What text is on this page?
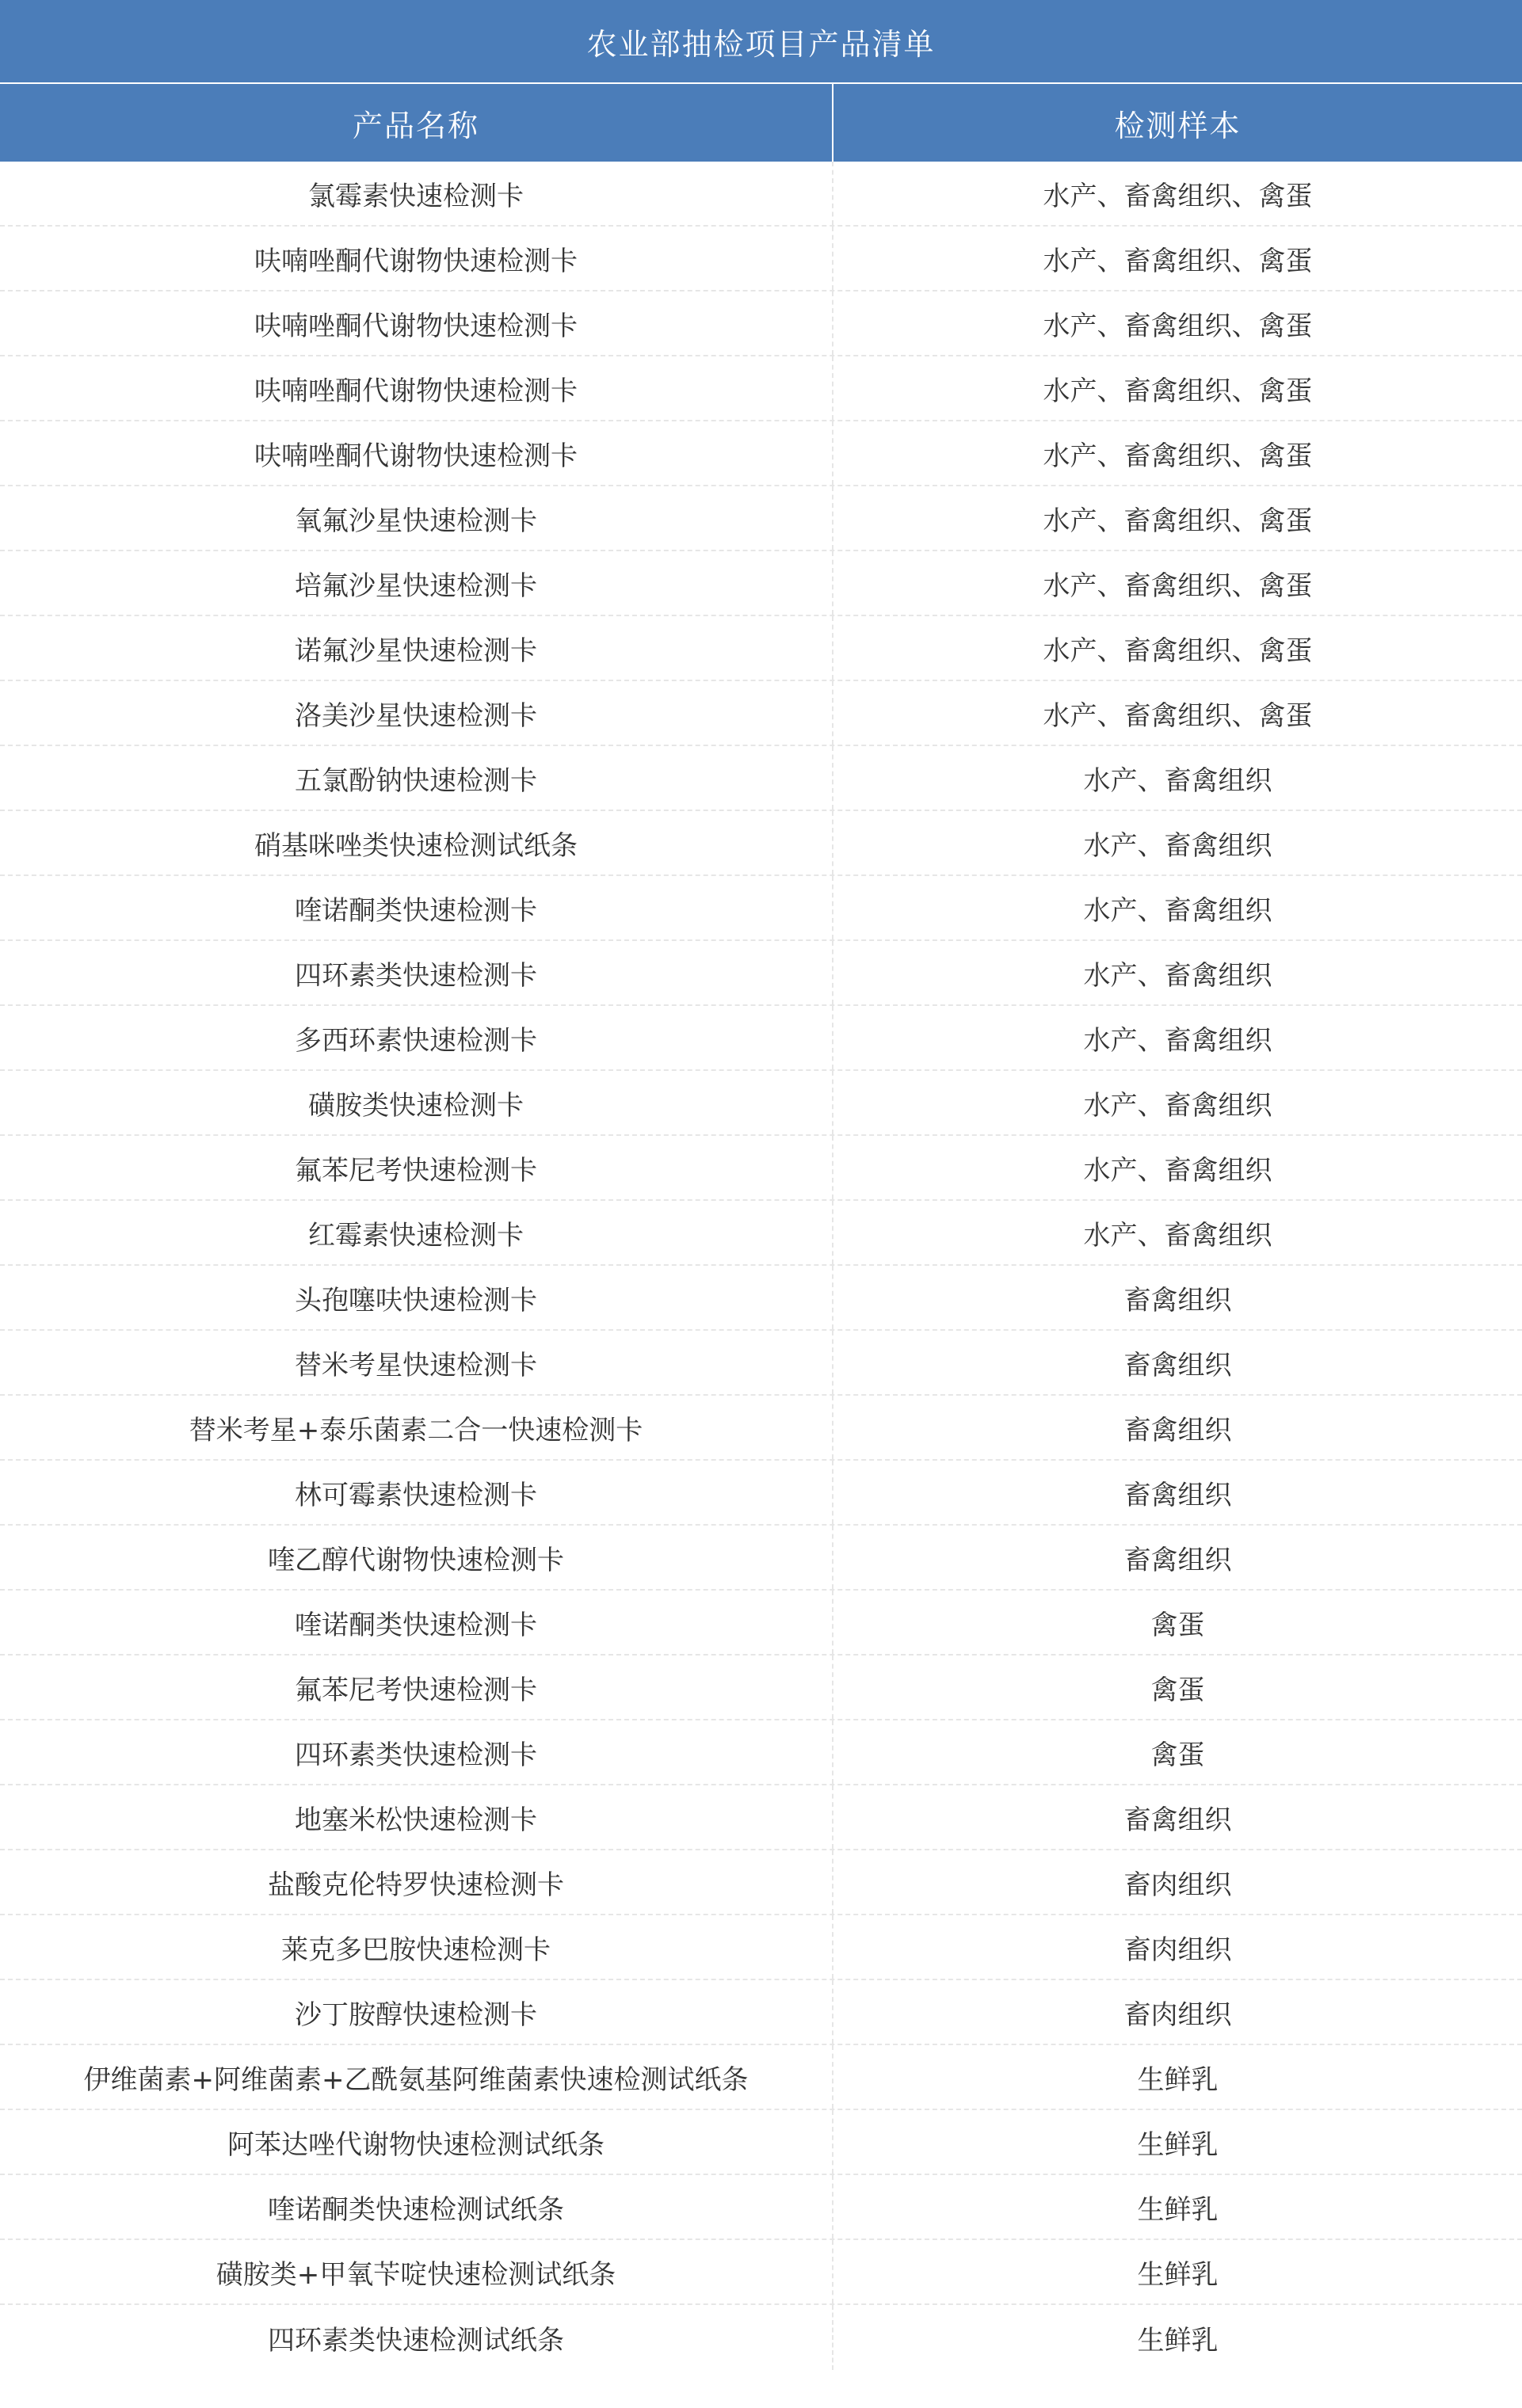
农业部抽检项目产品清单
产品名称	检测样本
氯霉素快速检测卡	水产、畜禽组织、禽蛋
呋喃唑酮代谢物快速检测卡	水产、畜禽组织、禽蛋
呋喃唑酮代谢物快速检测卡	水产、畜禽组织、禽蛋
呋喃唑酮代谢物快速检测卡	水产、畜禽组织、禽蛋
呋喃唑酮代谢物快速检测卡	水产、畜禽组织、禽蛋
氧氟沙星快速检测卡	水产、畜禽组织、禽蛋
培氟沙星快速检测卡	水产、畜禽组织、禽蛋
诺氟沙星快速检测卡	水产、畜禽组织、禽蛋
洛美沙星快速检测卡	水产、畜禽组织、禽蛋
五氯酚钠快速检测卡	水产、畜禽组织
硝基咪唑类快速检测试纸条	水产、畜禽组织
喹诺酮类快速检测卡	水产、畜禽组织
四环素类快速检测卡	水产、畜禽组织
多西环素快速检测卡	水产、畜禽组织
磺胺类快速检测卡	水产、畜禽组织
氟苯尼考快速检测卡	水产、畜禽组织
红霉素快速检测卡	水产、畜禽组织
头孢噻呋快速检测卡	畜禽组织
替米考星快速检测卡	畜禽组织
替米考星+泰乐菌素二合一快速检测卡	畜禽组织
林可霉素快速检测卡	畜禽组织
喹乙醇代谢物快速检测卡	畜禽组织
喹诺酮类快速检测卡	禽蛋
氟苯尼考快速检测卡	禽蛋
四环素类快速检测卡	禽蛋
地塞米松快速检测卡	畜禽组织
盐酸克伦特罗快速检测卡	畜肉组织
莱克多巴胺快速检测卡	畜肉组织
沙丁胺醇快速检测卡	畜肉组织
伊维菌素+阿维菌素+乙酰氨基阿维菌素快速检测试纸条	生鲜乳
阿苯达唑代谢物快速检测试纸条	生鲜乳
喹诺酮类快速检测试纸条	生鲜乳
磺胺类+甲氧苄啶快速检测试纸条	生鲜乳
四环素类快速检测试纸条	生鲜乳
